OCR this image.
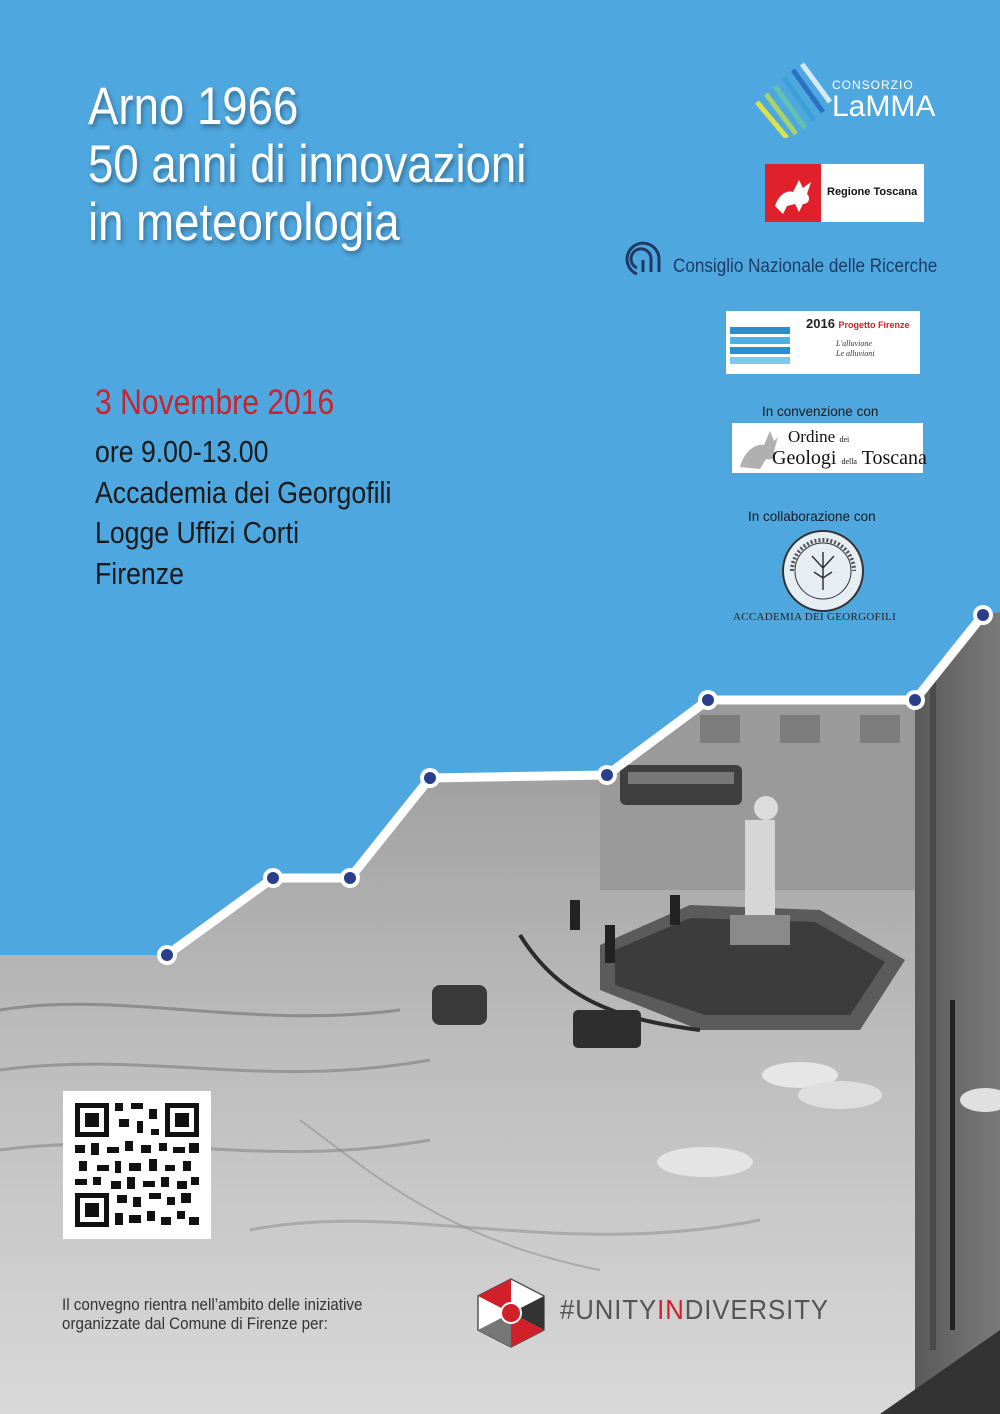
Arno 1966
50 anni di innovazioni
in meteorologia
3 Novembre 2016
ore 9.00-13.00
Accademia dei Georgofili
Logge Uffizi Corti
Firenze
CONSORZIO
LaMMA
Regione Toscana
Consiglio Nazionale delle Ricerche
2016 Progetto Firenze
L'alluvione
Le alluvioni
In convenzione con
Ordine dei
Geologi della Toscana
In collaborazione con
ACCADEMIA DEI GEORGOFILI
Il convegno rientra nell’ambito delle iniziative
organizzate dal Comune di Firenze per:	#UNITYINDIVERSITY
